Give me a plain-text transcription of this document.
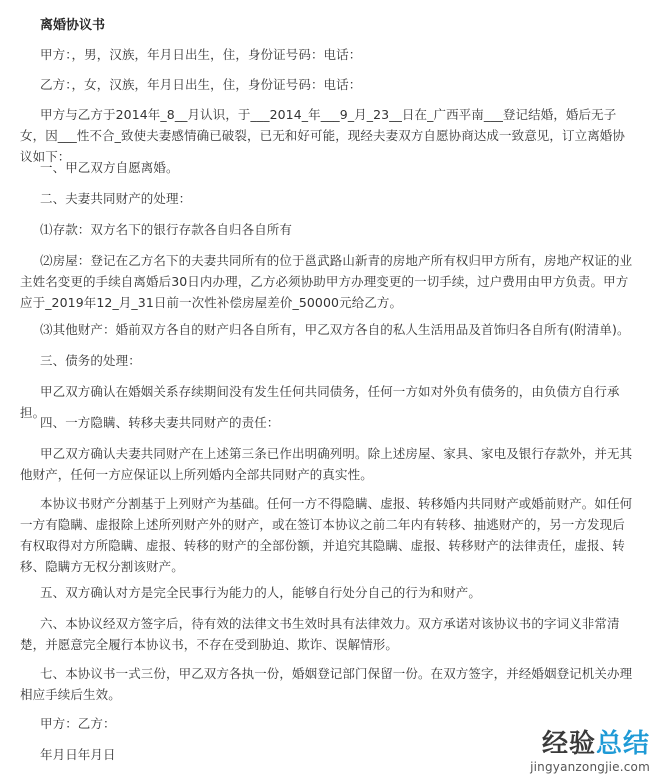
离婚协议书

甲方：，男，汉族，年月日出生，住，身份证号码：电话：

乙方：，女，汉族，年月日出生，住，身份证号码：电话：

甲方与乙方于2014年_8__月认识，于___2014_年___9_月_23__日在_广西平南___登记结婚，婚后无子女，因___性不合_致使夫妻感情确已破裂，已无和好可能，现经夫妻双方自愿协商达成一致意见，订立离婚协议如下：

一、甲乙双方自愿离婚。

二、夫妻共同财产的处理：

⑴存款：双方名下的银行存款各自归各自所有

⑵房屋：登记在乙方名下的夫妻共同所有的位于邕武路山新青的房地产所有权归甲方所有，房地产权证的业主姓名变更的手续自离婚后30日内办理，乙方必须协助甲方办理变更的一切手续，过户费用由甲方负责。甲方应于_2019年12_月_31日前一次性补偿房屋差价_50000元给乙方。

⑶其他财产：婚前双方各自的财产归各自所有，甲乙双方各自的私人生活用品及首饰归各自所有(附清单)。

三、债务的处理：

甲乙双方确认在婚姻关系存续期间没有发生任何共同债务，任何一方如对外负有债务的，由负债方自行承担。

四、一方隐瞒、转移夫妻共同财产的责任：

甲乙双方确认夫妻共同财产在上述第三条已作出明确列明。除上述房屋、家具、家电及银行存款外，并无其他财产，任何一方应保证以上所列婚内全部共同财产的真实性。

本协议书财产分割基于上列财产为基础。任何一方不得隐瞒、虚报、转移婚内共同财产或婚前财产。如任何一方有隐瞒、虚报除上述所列财产外的财产，或在签订本协议之前二年内有转移、抽逃财产的，另一方发现后有权取得对方所隐瞒、虚报、转移的财产的全部份额，并追究其隐瞒、虚报、转移财产的法律责任，虚报、转移、隐瞒方无权分割该财产。

五、双方确认对方是完全民事行为能力的人，能够自行处分自己的行为和财产。

六、本协议经双方签字后，待有效的法律文书生效时具有法律效力。双方承诺对该协议书的字词义非常清楚，并愿意完全履行本协议书，不存在受到胁迫、欺诈、误解情形。

七、本协议书一式三份，甲乙双方各执一份，婚姻登记部门保留一份。在双方签字，并经婚姻登记机关办理相应手续后生效。

甲方：乙方：

年月日年月日	经验总结
jingyanzongjie.com
